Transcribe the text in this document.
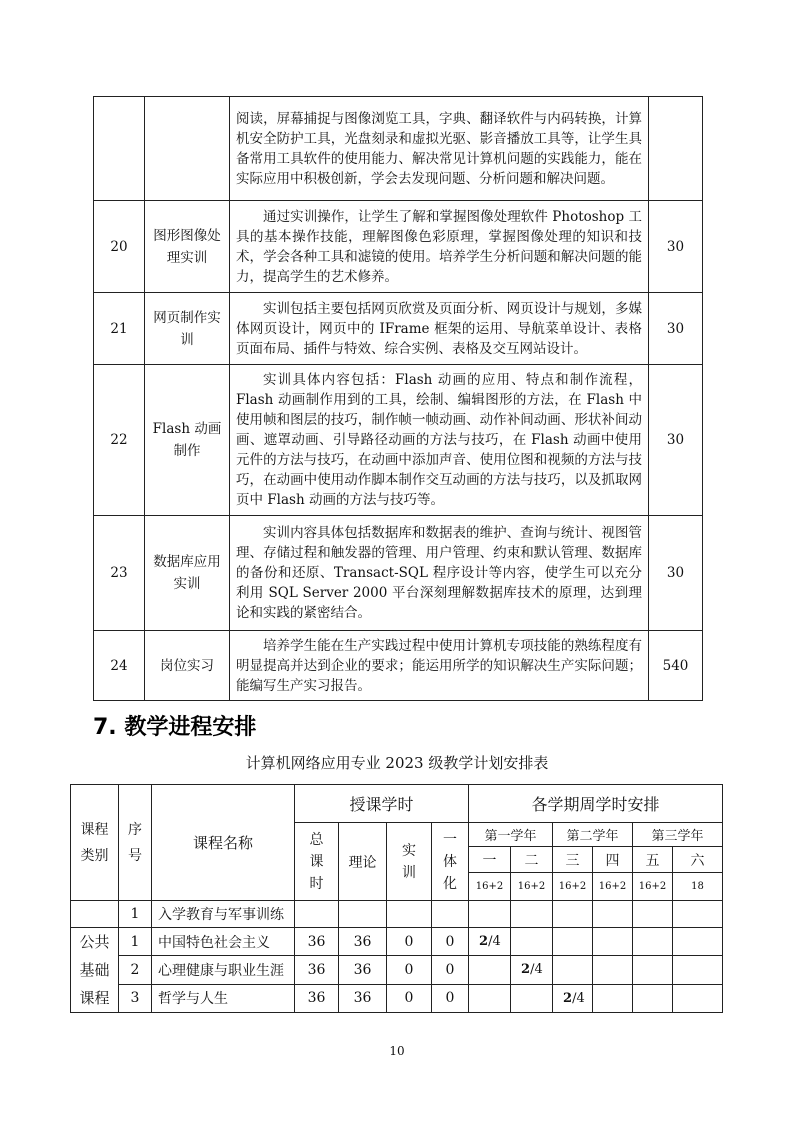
		阅读，屏幕捕捉与图像浏览工具，字典、翻译软件与内码转换，计算机安全防护工具，光盘刻录和虚拟光驱、影音播放工具等，让学生具备常用工具软件的使用能力、解决常见计算机问题的实践能力，能在实际应用中积极创新，学会去发现问题、分析问题和解决问题。	
20	图形图像处理实训	通过实训操作，让学生了解和掌握图像处理软件 Photoshop 工具的基本操作技能，理解图像色彩原理，掌握图像处理的知识和技术，学会各种工具和滤镜的使用。培养学生分析问题和解决问题的能力，提高学生的艺术修养。	30
21	网页制作实训	实训包括主要包括网页欣赏及页面分析、网页设计与规划，多媒体网页设计，网页中的 IFrame 框架的运用、导航菜单设计、表格页面布局、插件与特效、综合实例、表格及交互网站设计。	30
22	Flash 动画制作	实训具体内容包括：Flash 动画的应用、特点和制作流程，Flash 动画制作用到的工具，绘制、编辑图形的方法，在 Flash 中使用帧和图层的技巧，制作帧一帧动画、动作补间动画、形状补间动画、遮罩动画、引导路径动画的方法与技巧，在 Flash 动画中使用元件的方法与技巧，在动画中添加声音、使用位图和视频的方法与技巧，在动画中使用动作脚本制作交互动画的方法与技巧，以及抓取网页中 Flash 动画的方法与技巧等。	30
23	数据库应用实训	实训内容具体包括数据库和数据表的维护、查询与统计、视图管理、存储过程和触发器的管理、用户管理、约束和默认管理、数据库的备份和还原、Transact-SQL 程序设计等内容，使学生可以充分利用 SQL Server 2000 平台深刻理解数据库技术的原理，达到理论和实践的紧密结合。	30
24	岗位实习	培养学生能在生产实践过程中使用计算机专项技能的熟练程度有明显提高并达到企业的要求；能运用所学的知识解决生产实际问题；能编写生产实习报告。	540
7. 教学进程安排
计算机网络应用专业 2023 级教学计划安排表
课程类别	序号	课程名称	授课学时				各学期周学时安排					
			总课时	理论	实训	一体化	第一学年		第二学年		第三学年	
							一	二	三	四	五	六
							16+2	16+2	16+2	16+2	16+2	18
	1	入学教育与军事训练										
公共基础课程	1	中国特色社会主义	36	36	0	0	2/4					
	2	心理健康与职业生涯	36	36	0	0		2/4				
	3	哲学与人生	36	36	0	0			2/4			
10
